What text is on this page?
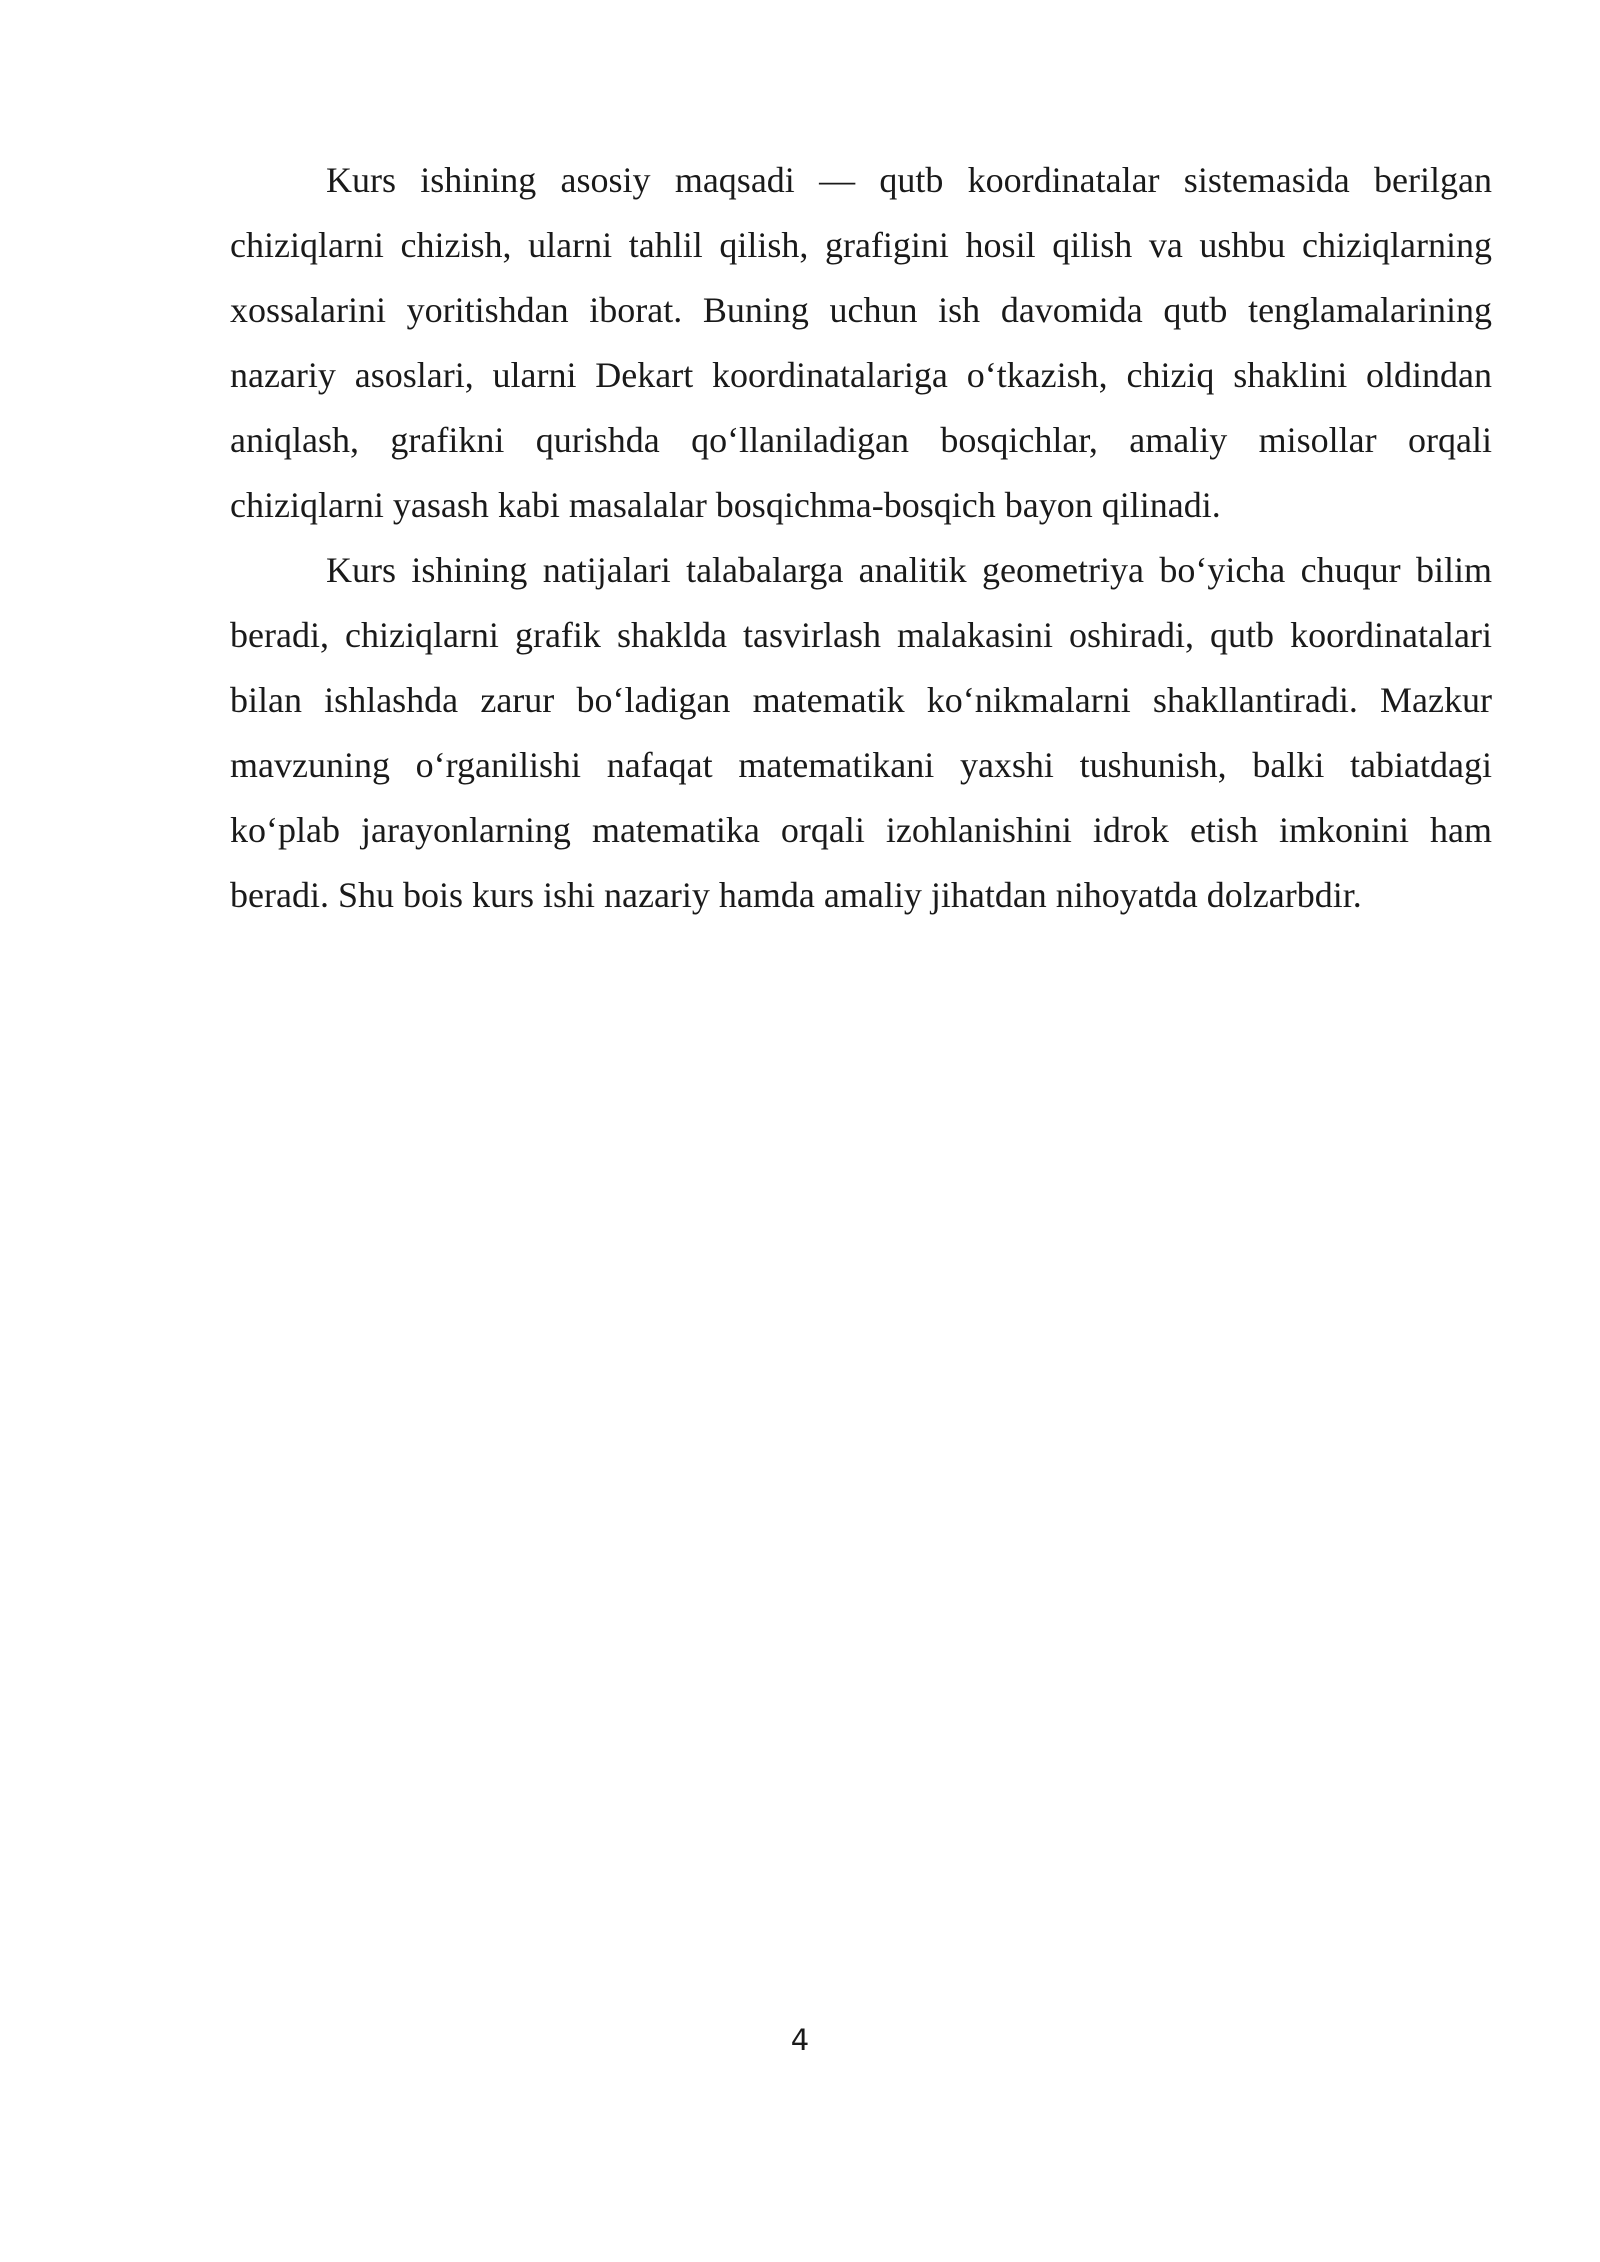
Kurs ishining asosiy maqsadi — qutb koordinatalar sistemasida berilgan chiziqlarni chizish, ularni tahlil qilish, grafigini hosil qilish va ushbu chiziqlarning xossalarini yoritishdan iborat. Buning uchun ish davomida qutb tenglamalarining nazariy asoslari, ularni Dekart koordinatalariga o‘tkazish, chiziq shaklini oldindan aniqlash, grafikni qurishda qo‘llaniladigan bosqichlar, amaliy misollar orqali chiziqlarni yasash kabi masalalar bosqichma-bosqich bayon qilinadi.

Kurs ishining natijalari talabalarga analitik geometriya bo‘yicha chuqur bilim beradi, chiziqlarni grafik shaklda tasvirlash malakasini oshiradi, qutb koordinatalari bilan ishlashda zarur bo‘ladigan matematik ko‘nikmalarni shakllantiradi. Mazkur mavzuning o‘rganilishi nafaqat matematikani yaxshi tushunish, balki tabiatdagi ko‘plab jarayonlarning matematika orqali izohlanishini idrok etish imkonini ham beradi. Shu bois kurs ishi nazariy hamda amaliy jihatdan nihoyatda dolzarbdir.

4
